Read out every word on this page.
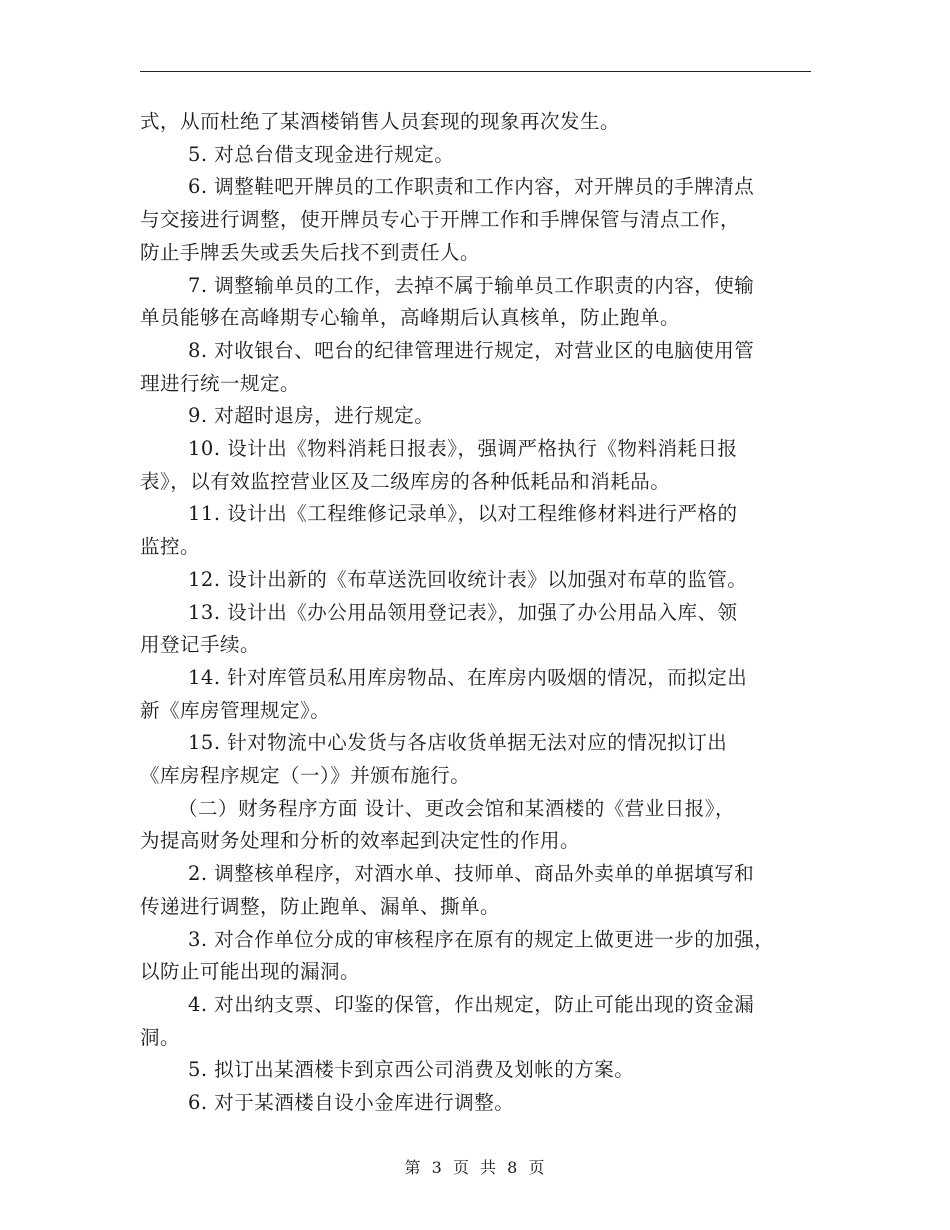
式，从而杜绝了某酒楼销售人员套现的现象再次发生。
5. 对总台借支现金进行规定。
6. 调整鞋吧开牌员的工作职责和工作内容，对开牌员的手牌清点
与交接进行调整，使开牌员专心于开牌工作和手牌保管与清点工作，
防止手牌丢失或丢失后找不到责任人。
7. 调整输单员的工作，去掉不属于输单员工作职责的内容，使输
单员能够在高峰期专心输单，高峰期后认真核单，防止跑单。
8. 对收银台、吧台的纪律管理进行规定，对营业区的电脑使用管
理进行统一规定。
9. 对超时退房，进行规定。
10. 设计出《物料消耗日报表》，强调严格执行《物料消耗日报
表》，以有效监控营业区及二级库房的各种低耗品和消耗品。
11. 设计出《工程维修记录单》，以对工程维修材料进行严格的
监控。
12. 设计出新的《布草送洗回收统计表》以加强对布草的监管。
13. 设计出《办公用品领用登记表》，加强了办公用品入库、领
用登记手续。
14. 针对库管员私用库房物品、在库房内吸烟的情况，而拟定出
新《库房管理规定》。
15. 针对物流中心发货与各店收货单据无法对应的情况拟订出
《库房程序规定（一）》并颁布施行。
（二）财务程序方面 设计、更改会馆和某酒楼的《营业日报》，
为提高财务处理和分析的效率起到决定性的作用。
2. 调整核单程序，对酒水单、技师单、商品外卖单的单据填写和
传递进行调整，防止跑单、漏单、撕单。
3. 对合作单位分成的审核程序在原有的规定上做更进一步的加强，
以防止可能出现的漏洞。
4. 对出纳支票、印鉴的保管，作出规定，防止可能出现的资金漏
洞。
5. 拟订出某酒楼卡到京西公司消费及划帐的方案。
6. 对于某酒楼自设小金库进行调整。
第 3 页 共 8 页
